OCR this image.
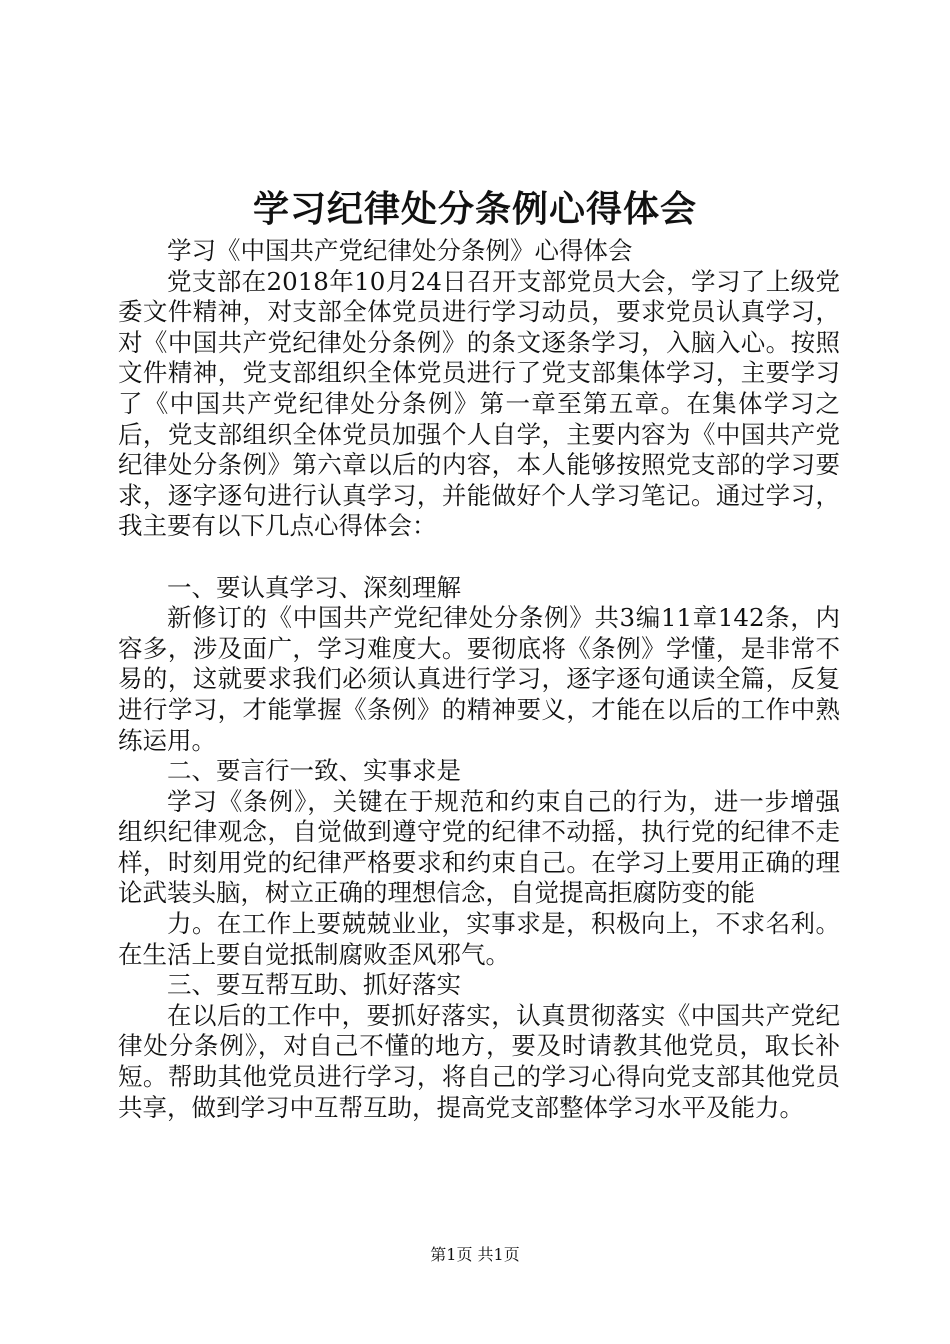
学习纪律处分条例心得体会

学习《中国共产党纪律处分条例》心得体会

党支部在2018年10月24日召开支部党员大会，学习了上级党委文件精神，对支部全体党员进行学习动员，要求党员认真学习，对《中国共产党纪律处分条例》的条文逐条学习，入脑入心。按照文件精神，党支部组织全体党员进行了党支部集体学习，主要学习了《中国共产党纪律处分条例》第一章至第五章。在集体学习之后，党支部组织全体党员加强个人自学，主要内容为《中国共产党纪律处分条例》第六章以后的内容，本人能够按照党支部的学习要求，逐字逐句进行认真学习，并能做好个人学习笔记。通过学习，我主要有以下几点心得体会：

一、要认真学习、深刻理解

新修订的《中国共产党纪律处分条例》共3编11章142条，内容多，涉及面广，学习难度大。要彻底将《条例》学懂，是非常不易的，这就要求我们必须认真进行学习，逐字逐句通读全篇，反复进行学习，才能掌握《条例》的精神要义，才能在以后的工作中熟练运用。

二、要言行一致、实事求是

学习《条例》，关键在于规范和约束自己的行为，进一步增强组织纪律观念，自觉做到遵守党的纪律不动摇，执行党的纪律不走样，时刻用党的纪律严格要求和约束自己。在学习上要用正确的理论武装头脑，树立正确的理想信念，自觉提高拒腐防变的能

力。在工作上要兢兢业业，实事求是，积极向上，不求名利。在生活上要自觉抵制腐败歪风邪气。

三、要互帮互助、抓好落实

在以后的工作中，要抓好落实，认真贯彻落实《中国共产党纪律处分条例》，对自己不懂的地方，要及时请教其他党员，取长补短。帮助其他党员进行学习，将自己的学习心得向党支部其他党员共享，做到学习中互帮互助，提高党支部整体学习水平及能力。

第1页 共1页
